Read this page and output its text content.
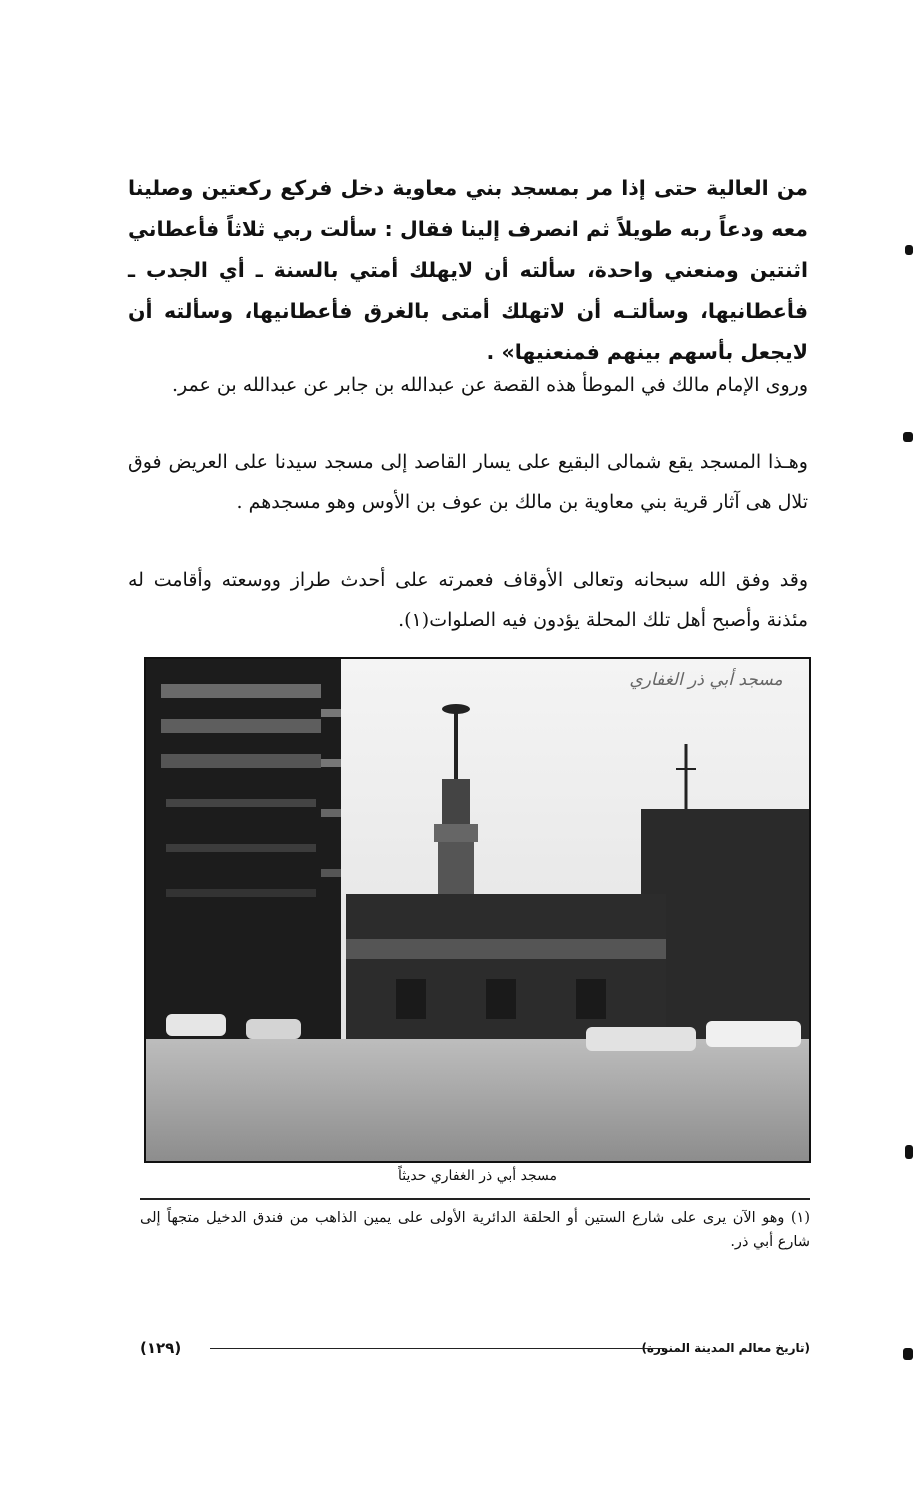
من العالية حتى إذا مر بمسجد بني معاوية دخل فركع ركعتين وصلينا معه ودعاً ربه طويلاً ثم انصرف إلينا فقال : سألت ربي ثلاثاً فأعطاني اثنتين ومنعني واحدة، سألته أن لايهلك أمتي بالسنة ـ أي الجدب ـ فأعطانيها، وسألتـه أن لاتهلك أمتى بالغرق فأعطانيها، وسألته أن لايجعل بأسهم بينهم فمنعنيها» .
وروى الإمام مالك في الموطأ هذه القصة عن عبدالله بن جابر عن عبدالله بن عمر.
وهـذا المسجد يقع شمالى البقيع على يسار القاصد إلى مسجد سيدنا على العريض فوق تلال هى آثار قرية بني معاوية بن مالك بن عوف بن الأوس وهو مسجدهم .
وقد وفق الله سبحانه وتعالى الأوقاف فعمرته على أحدث طراز ووسعته وأقامت له مئذنة وأصبح أهل تلك المحلة يؤدون فيه الصلوات(١).
مسجد أبي ذر الغفاري
مسجد أبي ذر الغفاري حديثاً
(١) وهو الآن يرى على شارع الستين أو الحلقة الدائرية الأولى على يمين الذاهب من فندق الدخيل متجهاً إلى شارع أبي ذر.
(تاريخ معالم المدينة المنورة)
(١٢٩)
